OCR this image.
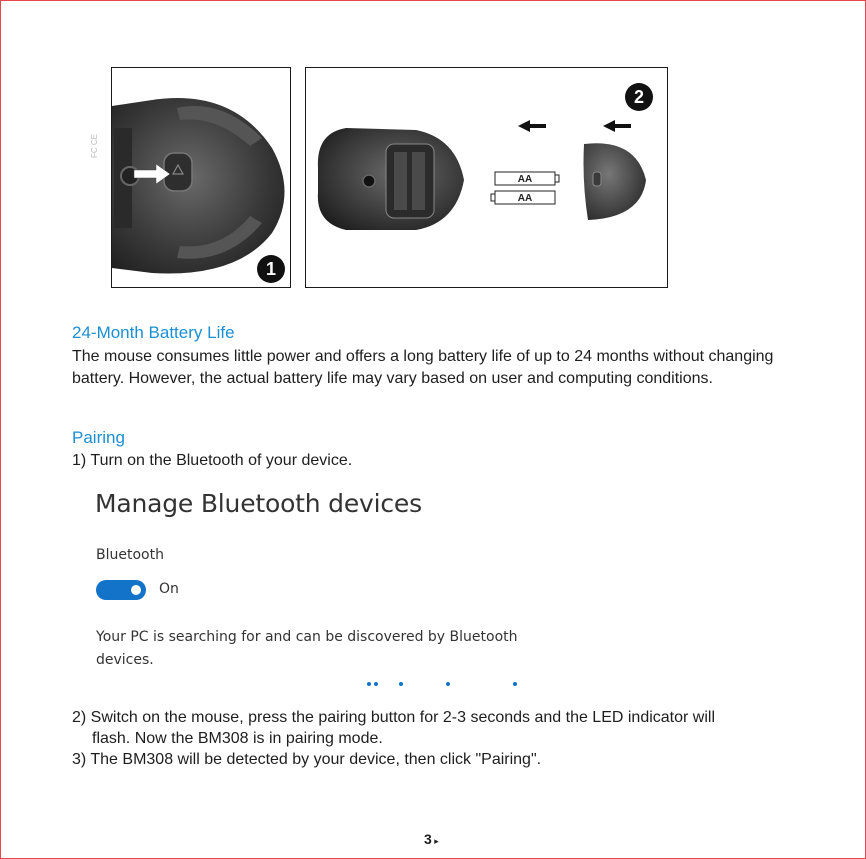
FC CE
1
AA
AA
2
24-Month Battery Life

The mouse consumes little power and offers a long battery life of up to 24 months without changing battery. However, the actual battery life may vary based on user and computing conditions.

Pairing

1) Turn on the Bluetooth of your device.

Manage Bluetooth devices
Bluetooth
On
Your PC is searching for and can be discovered by Bluetooth devices.

2) Switch on the mouse, press the pairing button for 2-3 seconds and the LED indicator will

flash. Now the BM308 is in pairing mode.

3) The BM308 will be detected by your device, then click "Pairing".

3 ▸
